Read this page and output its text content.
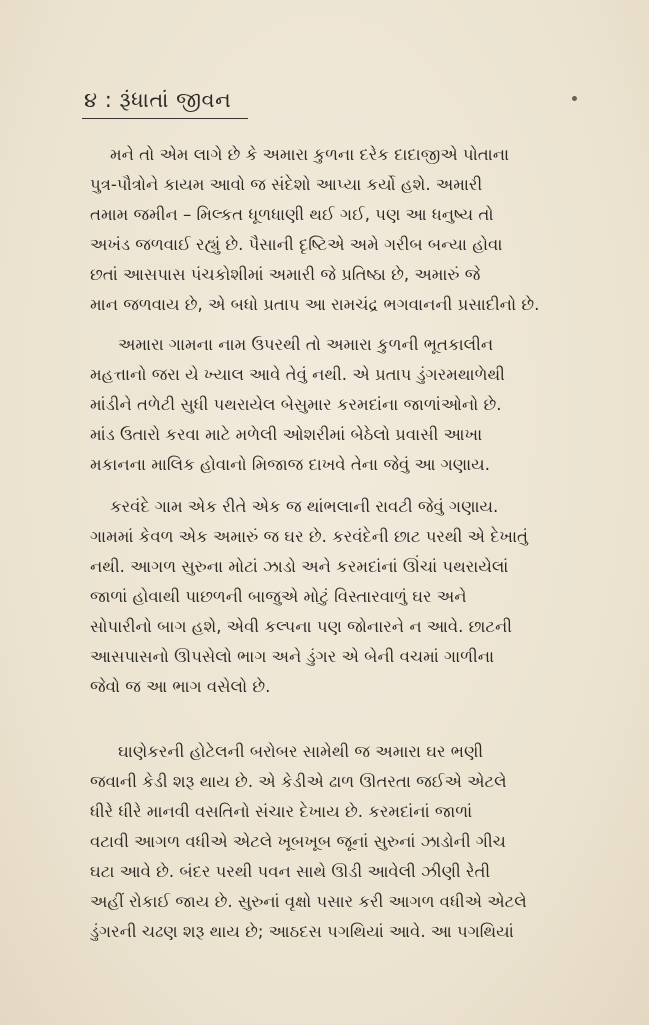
૪ : રૂંધાતાં જીવન
મને તો એમ લાગે છે કે અમારા કુળના દરેક દાદાજીએ પોતાના
પુત્ર-પૌત્રોને કાયમ આવો જ સંદેશો આપ્યા કર્યો હશે. અમારી
તમામ જમીન – મિલ્કત ધૂળધાણી થઈ ગઈ, પણ આ ધનુષ્ય તો
અખંડ જળવાઈ રહ્યું છે. પૈસાની દૃષ્ટિએ અમે ગરીબ બન્યા હોવા
છતાં આસપાસ પંચકોશીમાં અમારી જે પ્રતિષ્ઠા છે, અમારું જે
માન જળવાય છે, એ બધો પ્રતાપ આ રામચંદ્ર ભગવાનની પ્રસાદીનો છે.
અમારા ગામના નામ ઉપરથી તો અમારા કુળની ભૂતકાલીન
મહત્તાનો જરા યે ખ્યાલ આવે તેવું નથી. એ પ્રતાપ ડુંગરમથાળેથી
માંડીને તળેટી સુધી પથરાયેલ બેસુમાર કરમદાંના જાળાંઓનો છે.
માંડ ઉતારો કરવા માટે મળેલી ઓશરીમાં બેઠેલો પ્રવાસી આખા
મકાનના માલિક હોવાનો મિજાજ દાખવે તેના જેવું આ ગણાય.
કરવંદે ગામ એક રીતે એક જ થાંભલાની રાવટી જેવું ગણાય.
ગામમાં કેવળ એક અમારું જ ઘર છે. કરવંદેની છાટ પરથી એ દેખાતું
નથી. આગળ સુરુના મોટાં ઝાડો અને કરમદાંનાં ઊંચાં પથરાયેલાં
જાળાં હોવાથી પાછળની બાજુએ મોટું વિસ્તારવાળું ઘર અને
સોપારીનો બાગ હશે, એવી કલ્પના પણ જોનારને ન આવે. છાટની
આસપાસનો ઊપસેલો ભાગ અને ડુંગર એ બેની વચમાં ગાળીના
જેવો જ આ ભાગ વસેલો છે.
ઘાણેકરની હોટેલની બરોબર સામેથી જ અમારા ઘર ભણી
જવાની કેડી શરૂ થાય છે. એ કેડીએ ઢાળ ઊતરતા જઈએ એટલે
ધીરે ધીરે માનવી વસતિનો સંચાર દેખાય છે. કરમદાંનાં જાળાં
વટાવી આગળ વધીએ એટલે ખૂબખૂબ જૂનાં સુરુનાં ઝાડોની ગીચ
ઘટા આવે છે. બંદર પરથી પવન સાથે ઊડી આવેલી ઝીણી રેતી
અહીં રોકાઈ જાય છે. સુરુનાં વૃક્ષો પસાર કરી આગળ વધીએ એટલે
ડુંગરની ચઢણ શરૂ થાય છે; આઠદસ પગથિયાં આવે. આ પગથિયાં
